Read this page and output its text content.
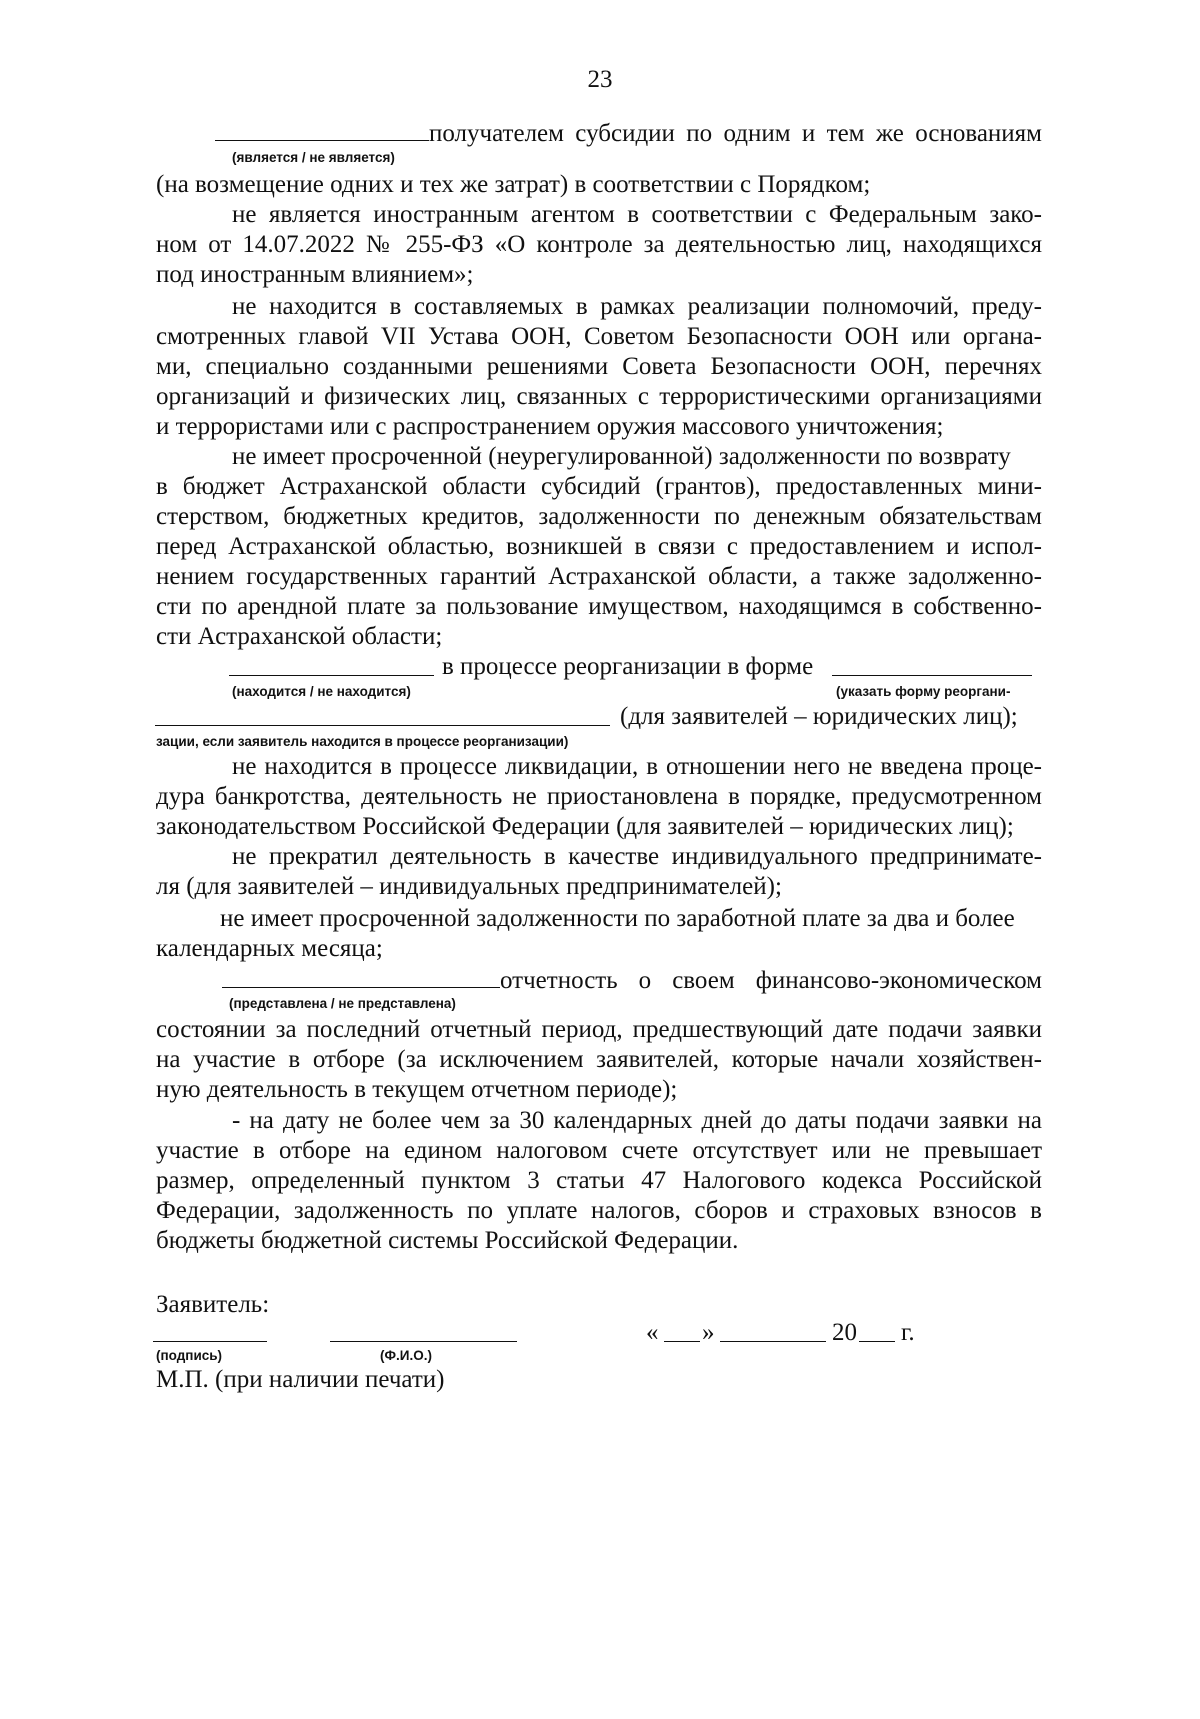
23
получателем субсидии по одним и тем же основаниям
(является / не является)
(на возмещение одних и тех же затрат) в соответствии с Порядком;
не является иностранным агентом в соответствии с Федеральным зако-
ном от 14.07.2022 № 255-ФЗ «О контроле за деятельностью лиц, находящихся
под иностранным влиянием»;
не находится в составляемых в рамках реализации полномочий, преду-
смотренных главой VII Устава ООН, Советом Безопасности ООН или органа-
ми, специально созданными решениями Совета Безопасности ООН, перечнях
организаций и физических лиц, связанных с террористическими организациями
и террористами или с распространением оружия массового уничтожения;
не имеет просроченной (неурегулированной) задолженности по возврату
в бюджет Астраханской области субсидий (грантов), предоставленных мини-
стерством, бюджетных кредитов, задолженности по денежным обязательствам
перед Астраханской областью, возникшей в связи с предоставлением и испол-
нением государственных гарантий Астраханской области, а также задолженно-
сти по арендной плате за пользование имуществом, находящимся в собственно-
сти Астраханской области;
в процессе реорганизации в форме
(находится / не находится)	(указать форму реоргани-
(для заявителей – юридических лиц);
зации, если заявитель находится в процессе реорганизации)
не находится в процессе ликвидации, в отношении него не введена проце-
дура банкротства, деятельность не приостановлена в порядке, предусмотренном
законодательством Российской Федерации (для заявителей – юридических лиц);
не прекратил деятельность в качестве индивидуального предпринимате-
ля (для заявителей – индивидуальных предпринимателей);
не имеет просроченной задолженности по заработной плате за два и более
календарных месяца;
отчетность о своем финансово-экономическом
(представлена / не представлена)
состоянии за последний отчетный период, предшествующий дате подачи заявки
на участие в отборе (за исключением заявителей, которые начали хозяйствен-
ную деятельность в текущем отчетном периоде);
- на дату не более чем за 30 календарных дней до даты подачи заявки на
участие в отборе на едином налоговом счете отсутствует или не превышает
размер, определенный пунктом 3 статьи 47 Налогового кодекса Российской
Федерации, задолженность по уплате налогов, сборов и страховых взносов в
бюджеты бюджетной системы Российской Федерации.
Заявитель:
« »	20 г.
(подпись)	(Ф.И.О.)
М.П. (при наличии печати)
